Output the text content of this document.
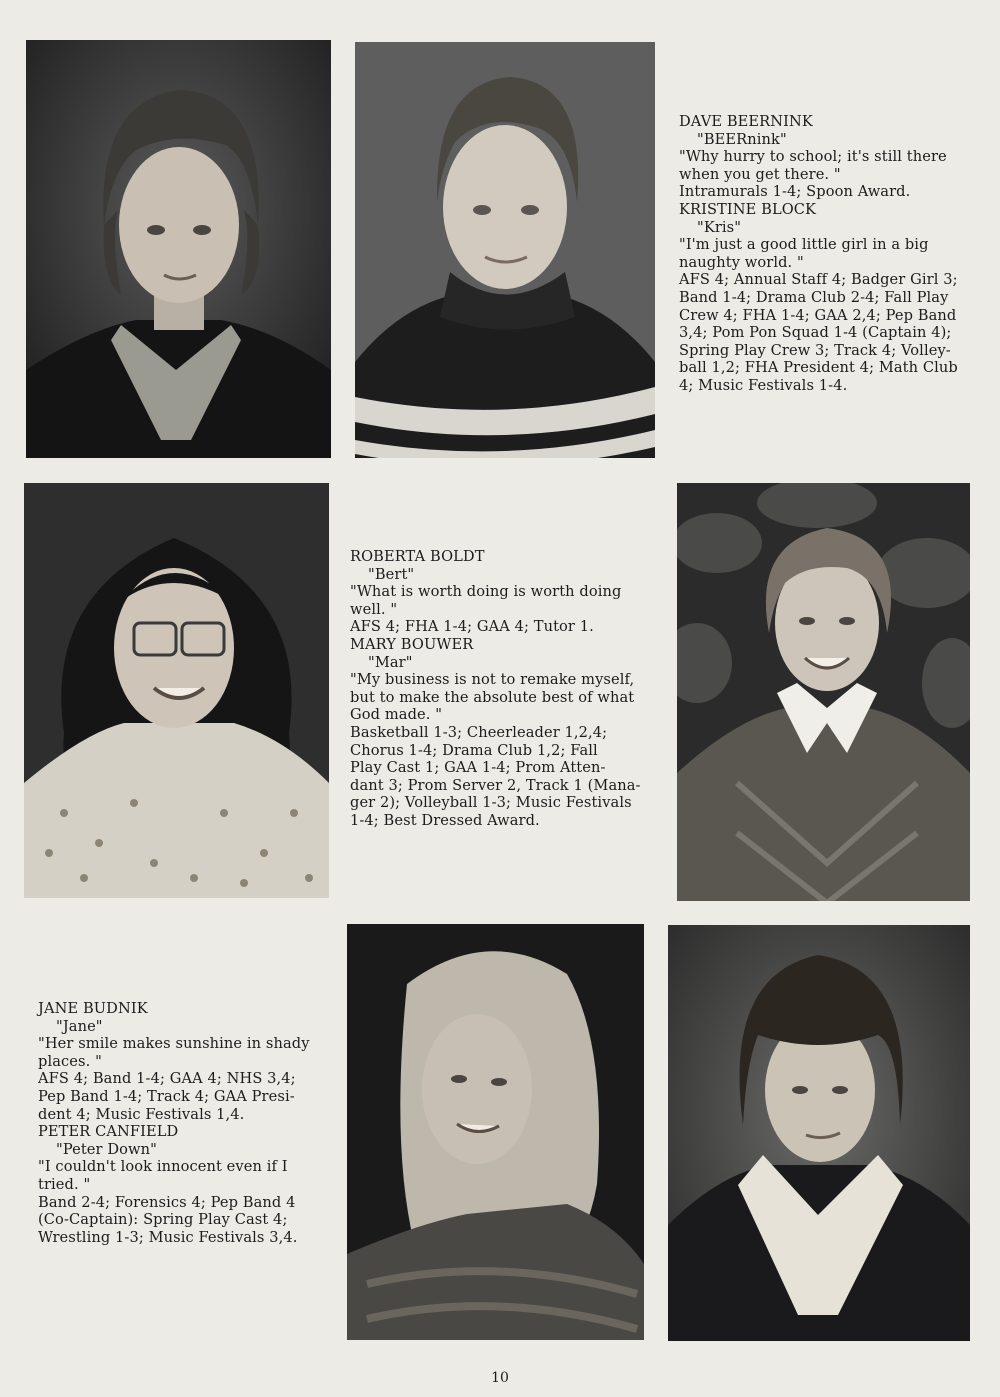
DAVE BEERNINK

"BEERnink"

"Why hurry to school; it's still there

when you get there. "

Intramurals 1-4; Spoon Award.

KRISTINE BLOCK

"Kris"

"I'm just a good little girl in a big

naughty world. "

AFS 4; Annual Staff 4; Badger Girl 3;

Band 1-4; Drama Club 2-4; Fall Play

Crew 4; FHA 1-4; GAA 2,4; Pep Band

3,4; Pom Pon Squad 1-4 (Captain 4);

Spring Play Crew 3; Track 4; Volley-

ball 1,2; FHA President 4; Math Club

4; Music Festivals 1-4.

ROBERTA BOLDT

"Bert"

"What is worth doing is worth doing

well. "

AFS 4; FHA 1-4; GAA 4; Tutor 1.

MARY BOUWER

"Mar"

"My business is not to remake myself,

but to make the absolute best of what

God made. "

Basketball 1-3; Cheerleader 1,2,4;

Chorus 1-4; Drama Club 1,2; Fall

Play Cast 1; GAA 1-4; Prom Atten-

dant 3; Prom Server 2, Track 1 (Mana-

ger 2); Volleyball 1-3; Music Festivals

1-4; Best Dressed Award.

JANE BUDNIK

"Jane"

"Her smile makes sunshine in shady

places. "

AFS 4; Band 1-4; GAA 4; NHS 3,4;

Pep Band 1-4; Track 4; GAA Presi-

dent 4; Music Festivals 1,4.

PETER CANFIELD

"Peter Down"

"I couldn't look innocent even if I

tried. "

Band 2-4; Forensics 4; Pep Band 4

(Co-Captain): Spring Play Cast 4;

Wrestling 1-3; Music Festivals 3,4.

10
